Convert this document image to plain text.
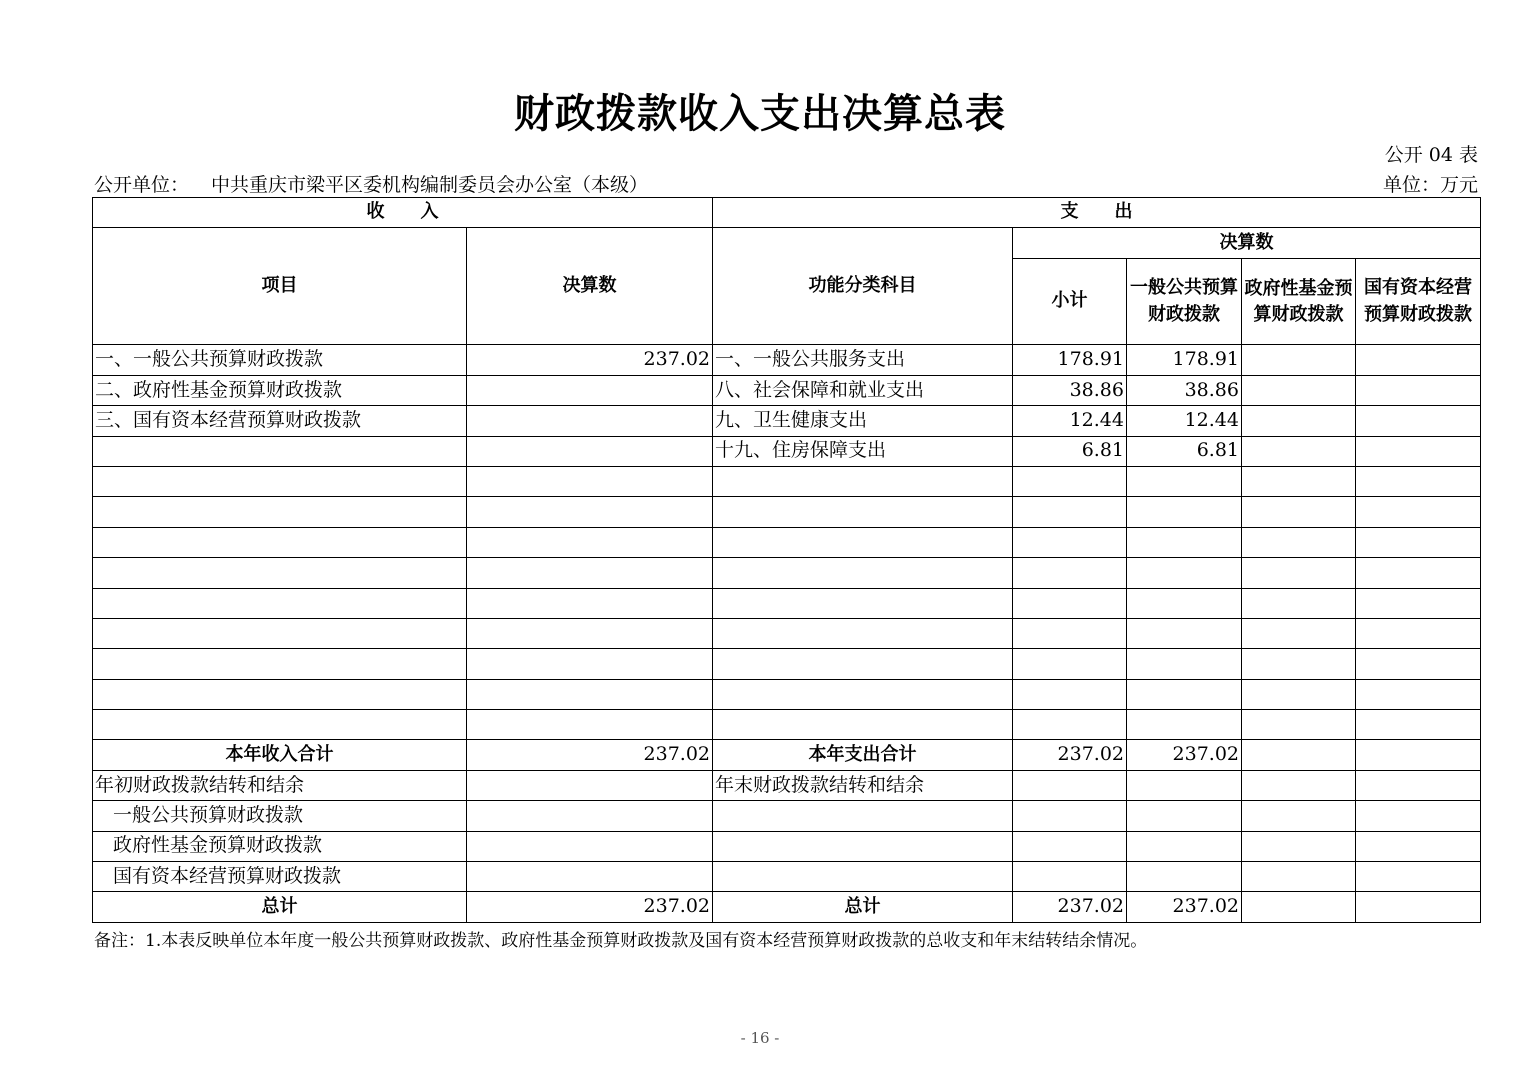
财政拨款收入支出决算总表
公开 04 表
公开单位： 中共重庆市梁平区委机构编制委员会办公室（本级）	单位：万元
收　　入		支　　出				
项目	决算数	功能分类科目	决算数			
			小计	一般公共预算财政拨款	政府性基金预算财政拨款	国有资本经营预算财政拨款

一、一般公共预算财政拨款	237.02	一、一般公共服务支出	178.91	178.91		
二、政府性基金预算财政拨款		八、社会保障和就业支出	38.86	38.86		
三、国有资本经营预算财政拨款		九、卫生健康支出	12.44	12.44		
		十九、住房保障支出	6.81	6.81		

本年收入合计	237.02	本年支出合计	237.02	237.02		
年初财政拨款结转和结余		年末财政拨款结转和结余				
一般公共预算财政拨款						
政府性基金预算财政拨款						
国有资本经营预算财政拨款						
总计	237.02	总计	237.02	237.02		
备注：1.本表反映单位本年度一般公共预算财政拨款、政府性基金预算财政拨款及国有资本经营预算财政拨款的总收支和年末结转结余情况。
- 16 -
